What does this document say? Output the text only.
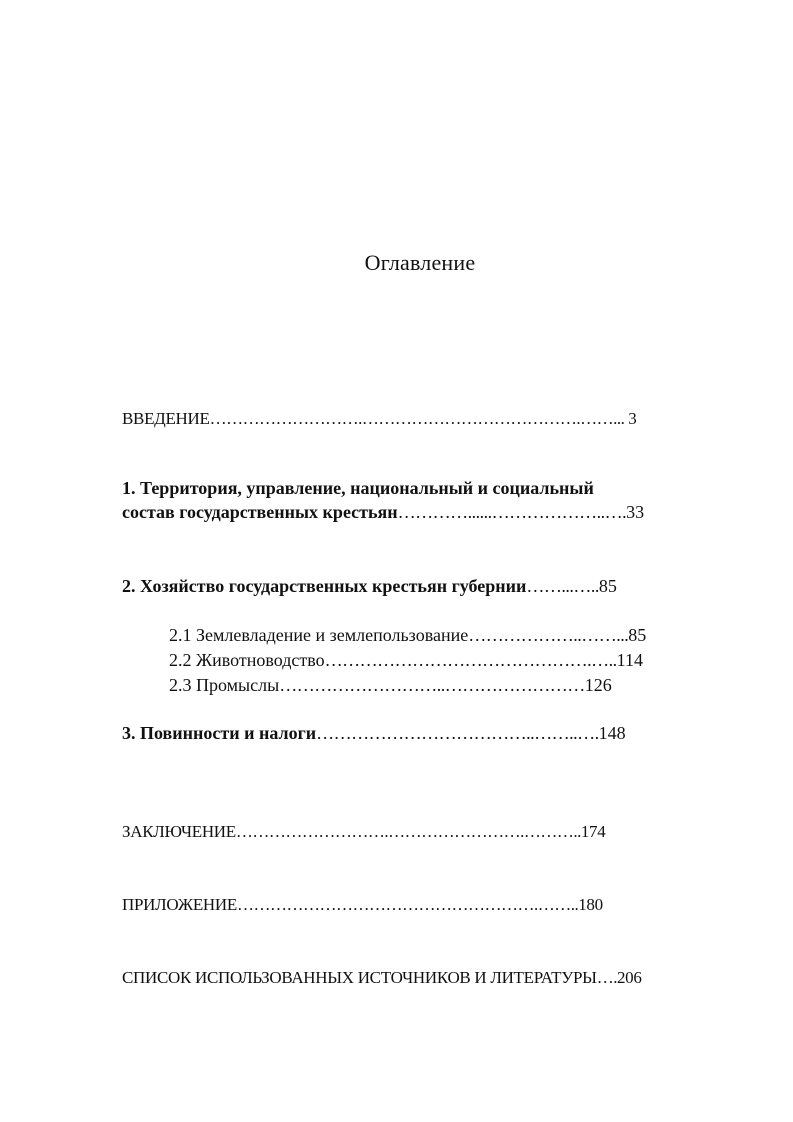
Оглавление
ВВЕДЕНИЕ……………………….………………………………….……... 3
1. Территория, управление, национальный и социальный
состав государственных крестьян…………......………………..….33
2. Хозяйство государственных крестьян губернии……...…..85
2.1 Землевладение и землепользование………………..……...85
2.2 Животноводство……………………………………….…..114
2.3 Промыслы………………………..……………………126
3. Повинности и налоги………………………………..……..….148
ЗАКЛЮЧЕНИЕ……………………….…………………….………..174
ПРИЛОЖЕНИЕ……………………………………………….……..180
СПИСОК ИСПОЛЬЗОВАННЫХ ИСТОЧНИКОВ И ЛИТЕРАТУРЫ….206
